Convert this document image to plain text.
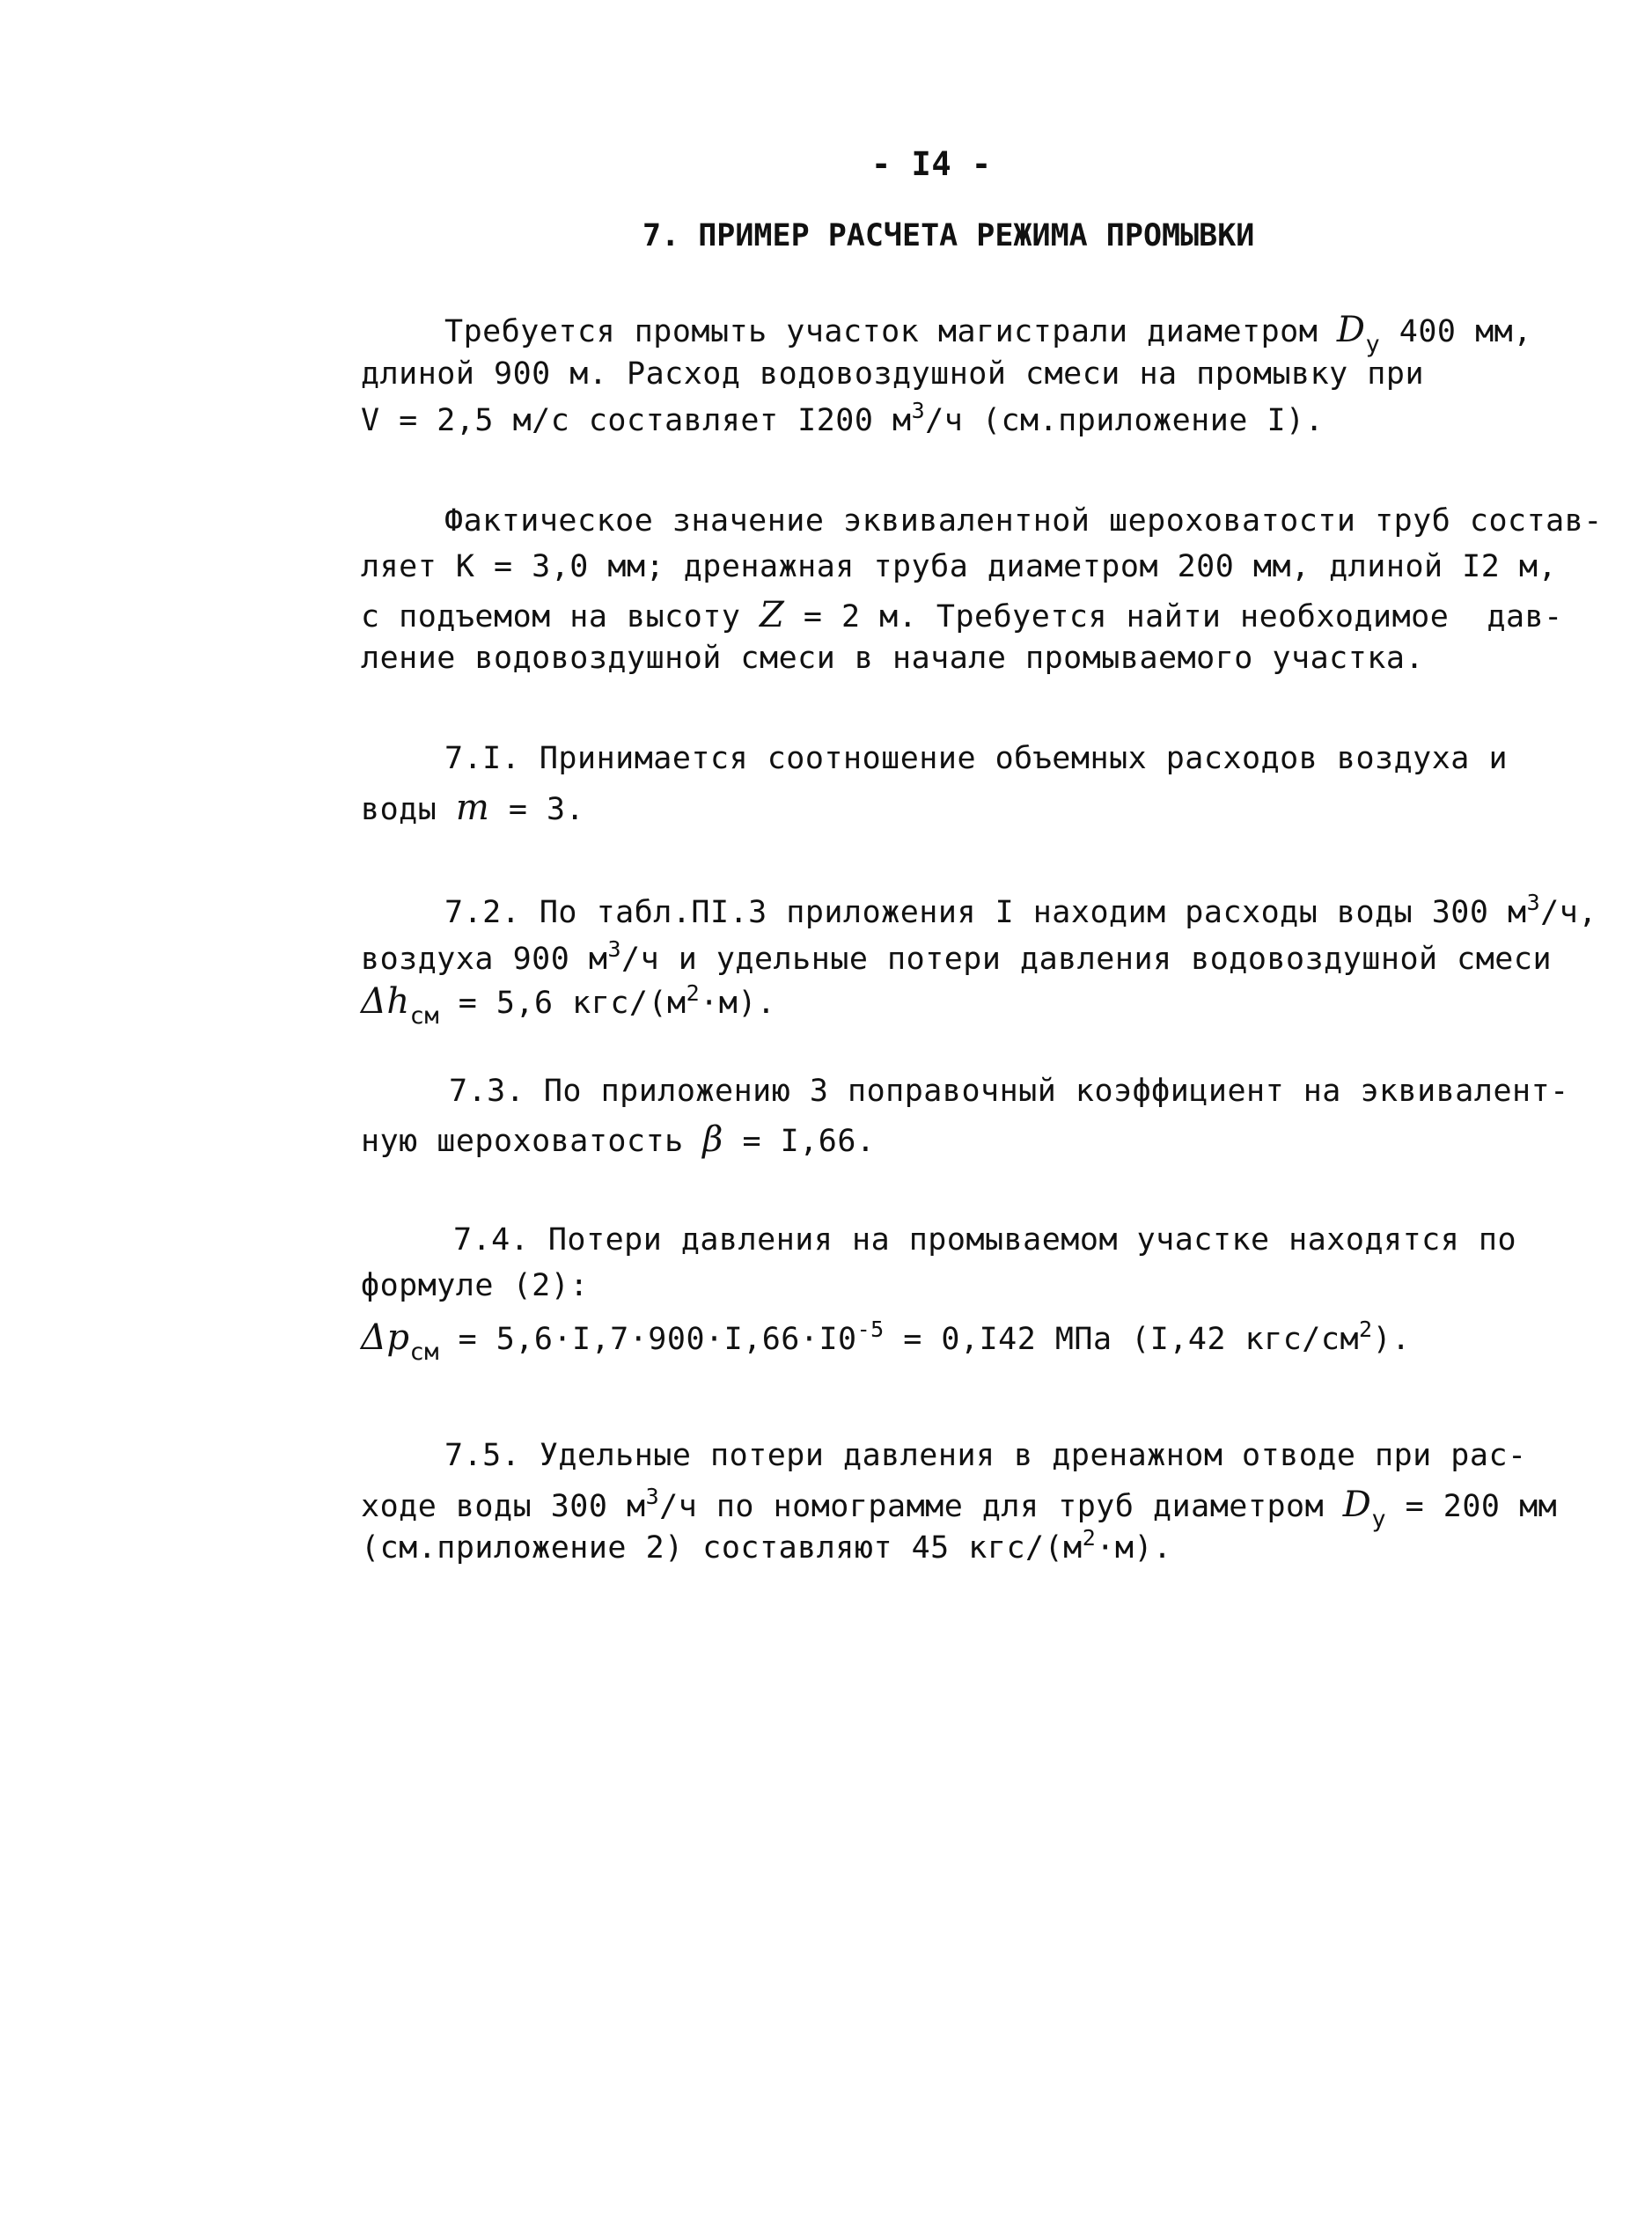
- I4 -
7. ПРИМЕР РАСЧЕТА РЕЖИМА ПРОМЫВКИ
Требуется промыть участок магистрали диаметром $D_у$ 400 мм,
длиной 900 м. Расход водовоздушной смеси на промывку при
V = 2,5 м/с составляет I200 $м^3/ч$ (см.приложение I).
Фактическое значение эквивалентной шероховатости труб состав-
ляет К = 3,0 мм; дренажная труба диаметром 200 мм, длиной I2 м,
с подъемом на высоту Z = 2 м. Требуется найти необходимое  дав-
ление водовоздушной смеси в начале промываемого участка.
7.I. Принимается соотношение объемных расходов воздуха и
воды m = 3.
7.2. По табл.ПI.3 приложения I находим расходы воды 300 $м^3/ч$,
воздуха 900 $м^3/ч$ и удельные потери давления водовоздушной смеси
$\Delta h_{см} = 5,6$ кгс/$(м^2\cdot м)$.
7.3. По приложению 3 поправочный коэффициент на эквивалент-
ную шероховатость β = I,66.
7.4. Потери давления на промываемом участке находятся по
формуле (2):
$\Delta p_{см} = 5,6\cdot I,7\cdot 900\cdot I,66\cdot I0^{-5} = 0,I42$ МПа (I,42 кгс/$см^2$).
7.5. Удельные потери давления в дренажном отводе при рас-
ходе воды 300 $м^3/ч$ по номограмме для труб диаметром $D_у = 200$ мм
(см.приложение 2) составляют 45 кгс/$(м^2\cdot м)$.
